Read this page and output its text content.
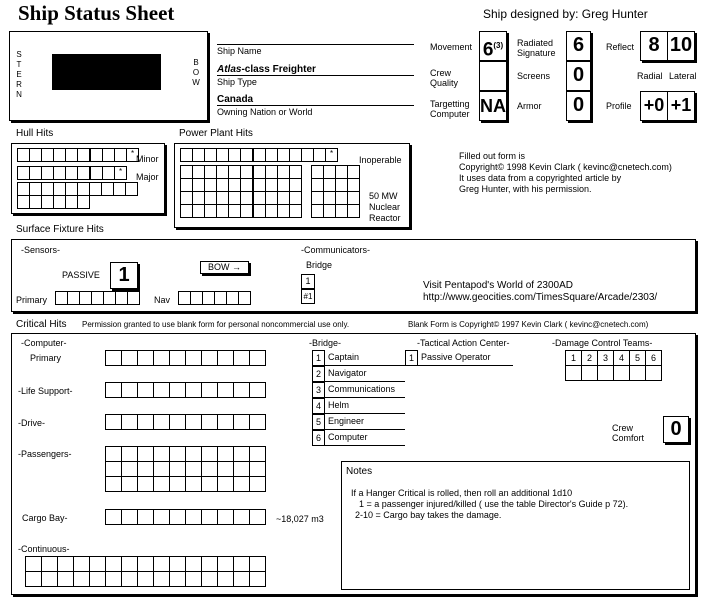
Ship Status Sheet	Ship designed by: Greg Hunter
S
T
E
R
N
B
O
W
Ship Name
Atlas-class Freighter
Ship Type
Canada
Owning Nation or World
Movement 6$^{(3)}$
Crew
Quality
Targetting
Computer NA
Radiated
Signature 6
Screens	0
Armor	0
Reflect 8 10
Radial Lateral
Profile +0 +1
Hull Hits

			*
Minor

		*
Major

Power Plant Hits

						*

Inoperable
50 MW
Nuclear
Reactor
Filled out form is
Copyright© 1998 Kevin Clark ( kevinc@cnetech.com)
It uses data from a copyrighted article by
Greg Hunter, with his permission.
Surface Fixture Hits
-Sensors-
PASSIVE 1	BOW →
Primary
							Nav

-Communicators-
Bridge
1
#1
Visit Pentapod's World of 2300AD
http://www.geocities.com/TimesSquare/Arcade/2303/
Critical Hits Permission granted to use blank form for personal noncommercial use only.	Blank Form is Copyright© 1997 Kevin Clark ( kevinc@cnetech.com)
-Computer-
Primary

-Life Support-

-Drive-

-Passengers-

Cargo Bay-
										~18,027 m3
-Continuous-

-Bridge-	-Tactical Action Center-
1 Passive Operator
-Damage Control Teams-
1	2	3	4	5	6

Crew
Comfort	0
Notes
If a Hanger Critical is rolled, then roll an additional 1d10
1 = a passenger injured/killed ( use the table Director's Guide p 72).
2-10 = Cargo bay takes the damage.
1 Captain
2 Navigator
3 Communications
4 Helm
5 Engineer
6 Computer
